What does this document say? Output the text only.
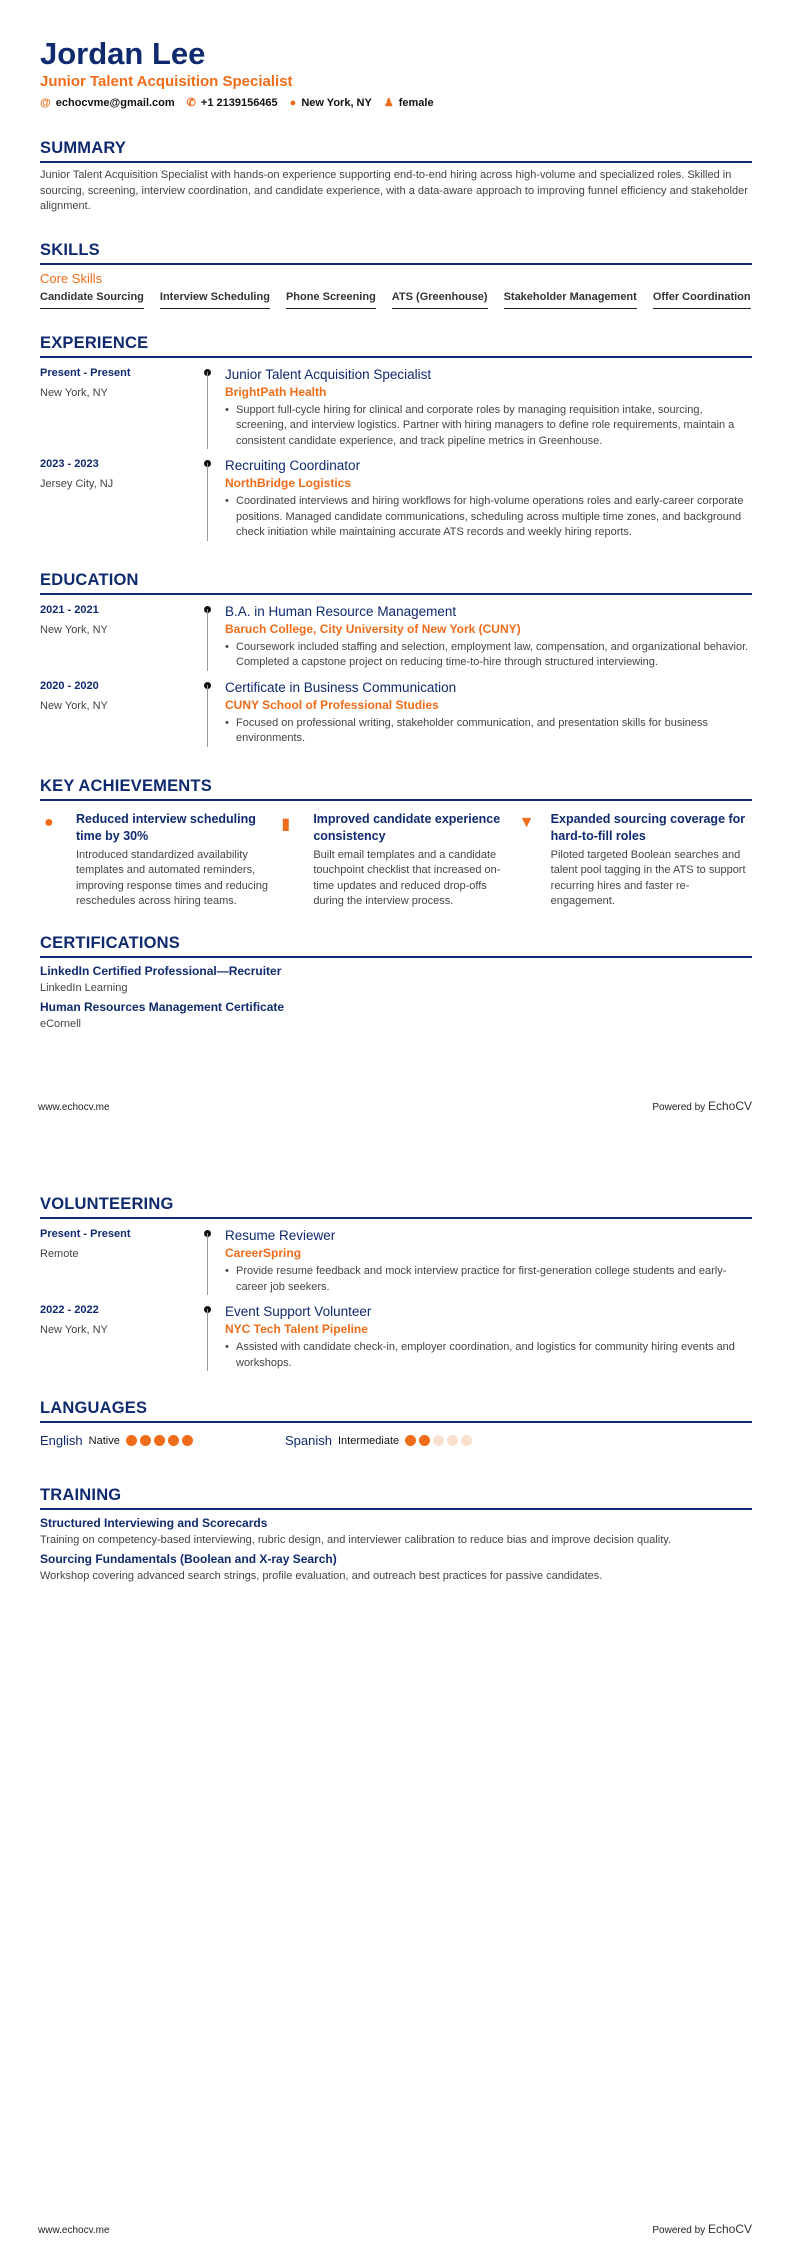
Jordan Lee
Junior Talent Acquisition Specialist
@ echocvme@gmail.com ✆ +1 2139156465 ● New York, NY ♟ female
SUMMARY

Junior Talent Acquisition Specialist with hands-on experience supporting end-to-end hiring across high-volume and specialized roles. Skilled in sourcing, screening, interview coordination, and candidate experience, with a data-aware approach to improving funnel efficiency and stakeholder alignment.

SKILLS
Core Skills
Candidate Sourcing Interview Scheduling Phone Screening ATS (Greenhouse) Stakeholder Management Offer Coordination
EXPERIENCE
Present - Present
New York, NY
Junior Talent Acquisition Specialist
BrightPath Health
• Support full-cycle hiring for clinical and corporate roles by managing requisition intake, sourcing, screening, and interview logistics. Partner with hiring managers to define role requirements, maintain a consistent candidate experience, and track pipeline metrics in Greenhouse.
2023 - 2023
Jersey City, NJ
Recruiting Coordinator
NorthBridge Logistics
• Coordinated interviews and hiring workflows for high-volume operations roles and early-career corporate positions. Managed candidate communications, scheduling across multiple time zones, and background check initiation while maintaining accurate ATS records and weekly hiring reports.
EDUCATION
2021 - 2021
New York, NY
B.A. in Human Resource Management
Baruch College, City University of New York (CUNY)
• Coursework included staffing and selection, employment law, compensation, and organizational behavior. Completed a capstone project on reducing time-to-hire through structured interviewing.
2020 - 2020
New York, NY
Certificate in Business Communication
CUNY School of Professional Studies
• Focused on professional writing, stakeholder communication, and presentation skills for business environments.
KEY ACHIEVEMENTS
●	Reduced interview scheduling time by 30%

Introduced standardized availability templates and automated reminders, improving response times and reducing reschedules across hiring teams.

▮	Improved candidate experience consistency

Built email templates and a candidate touchpoint checklist that increased on-time updates and reduced drop-offs during the interview process.

▼	Expanded sourcing coverage for hard-to-fill roles

Piloted targeted Boolean searches and talent pool tagging in the ATS to support recurring hires and faster re-engagement.

CERTIFICATIONS
LinkedIn Certified Professional—Recruiter
LinkedIn Learning
Human Resources Management Certificate
eCornell
www.echocv.me	Powered by EchoCV
VOLUNTEERING
Present - Present
Remote
Resume Reviewer
CareerSpring
• Provide resume feedback and mock interview practice for first-generation college students and early-career job seekers.
2022 - 2022
New York, NY
Event Support Volunteer
NYC Tech Talent Pipeline
• Assisted with candidate check-in, employer coordination, and logistics for community hiring events and workshops.
LANGUAGES
English Native	Spanish Intermediate
TRAINING
Structured Interviewing and Scorecards
Training on competency-based interviewing, rubric design, and interviewer calibration to reduce bias and improve decision quality.
Sourcing Fundamentals (Boolean and X-ray Search)
Workshop covering advanced search strings, profile evaluation, and outreach best practices for passive candidates.
www.echocv.me	Powered by EchoCV
